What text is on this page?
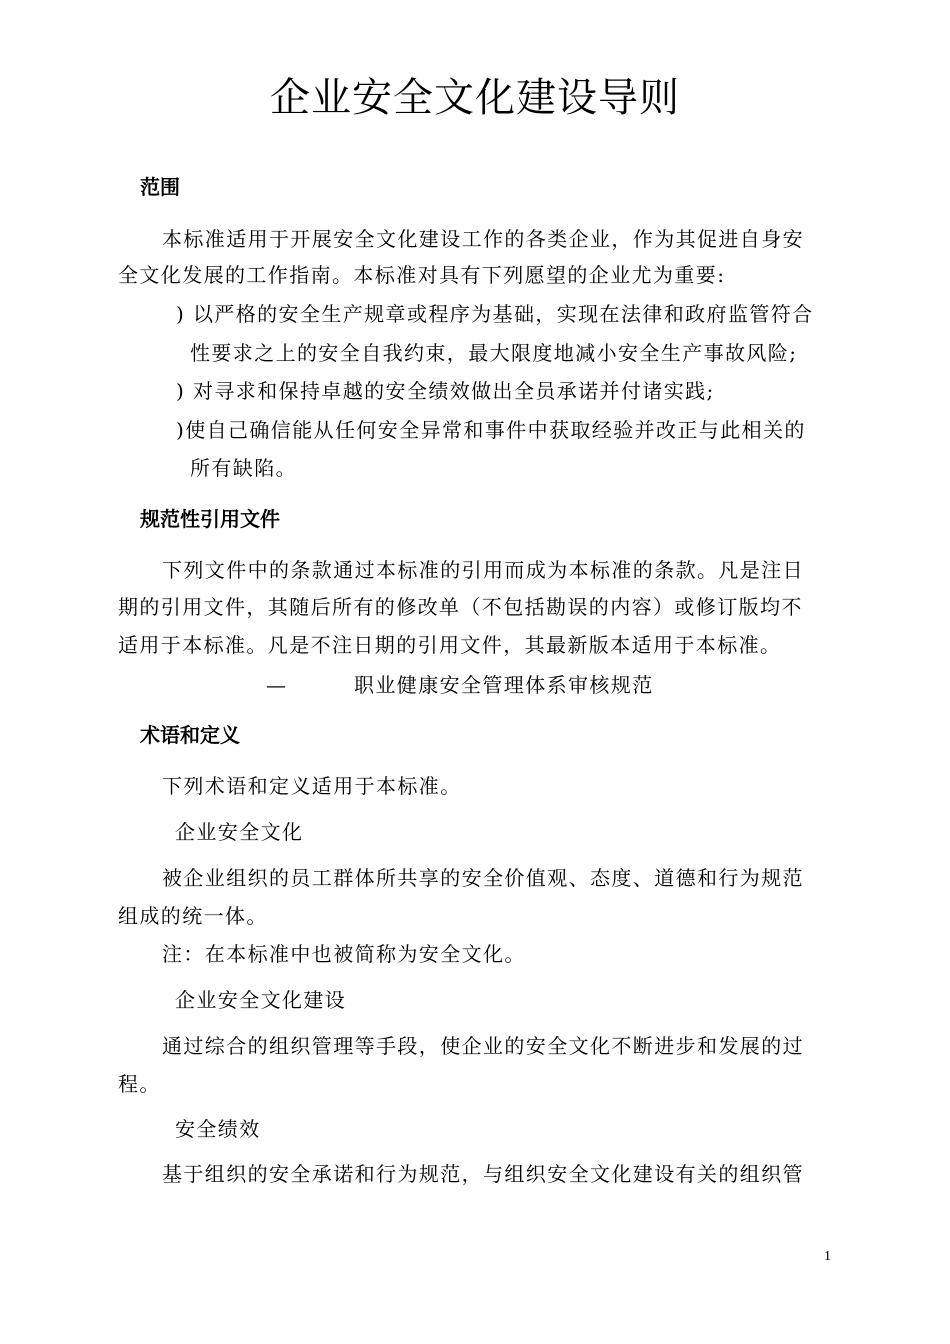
企业安全文化建设导则
范围
本标准适用于开展安全文化建设工作的各类企业，作为其促进自身安
全文化发展的工作指南。本标准对具有下列愿望的企业尤为重要:
) 以严格的安全生产规章或程序为基础，实现在法律和政府监管符合
性要求之上的安全自我约束，最大限度地减小安全生产事故风险;
) 对寻求和保持卓越的安全绩效做出全员承诺并付诸实践;
)使自己确信能从任何安全异常和事件中获取经验并改正与此相关的
所有缺陷。
规范性引用文件
下列文件中的条款通过本标准的引用而成为本标准的条款。凡是注日
期的引用文件，其随后所有的修改单（不包括勘误的内容）或修订版均不
适用于本标准。凡是不注日期的引用文件，其最新版本适用于本标准。
—	职业健康安全管理体系审核规范
术语和定义
下列术语和定义适用于本标准。
企业安全文化
被企业组织的员工群体所共享的安全价值观、态度、道德和行为规范
组成的统一体。
注：在本标准中也被简称为安全文化。
企业安全文化建设
通过综合的组织管理等手段，使企业的安全文化不断进步和发展的过
程。
安全绩效
基于组织的安全承诺和行为规范，与组织安全文化建设有关的组织管
1
